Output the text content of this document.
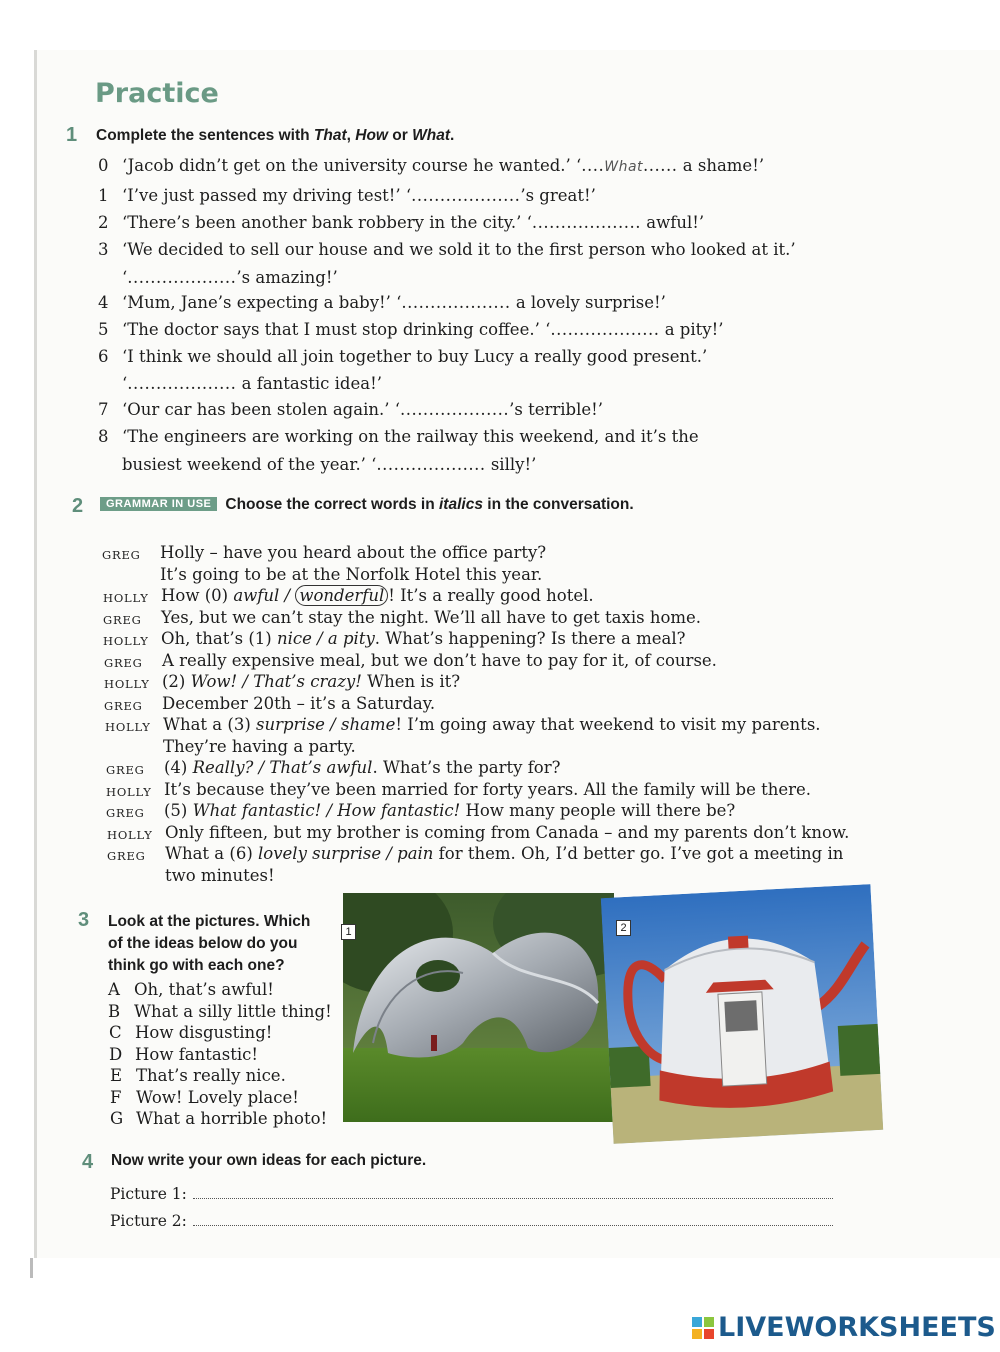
Practice
1 Complete the sentences with That, How or What.
0 ‘Jacob didn’t get on the university course he wanted.’ ‘....What...... a shame!’
1 ‘I’ve just passed my driving test!’ ‘...................’s great!’
2 ‘There’s been another bank robbery in the city.’ ‘................... awful!’
3 ‘We decided to sell our house and we sold it to the first person who looked at it.’
‘...................’s amazing!’
4 ‘Mum, Jane’s expecting a baby!’ ‘................... a lovely surprise!’
5 ‘The doctor says that I must stop drinking coffee.’ ‘................... a pity!’
6 ‘I think we should all join together to buy Lucy a really good present.’
‘................... a fantastic idea!’
7 ‘Our car has been stolen again.’ ‘...................’s terrible!’
8 ‘The engineers are working on the railway this weekend, and it’s the
busiest weekend of the year.’ ‘................... silly!’
2	GRAMMAR IN USE Choose the correct words in italics in the conversation.
GREG Holly – have you heard about the office party?
It’s going to be at the Norfolk Hotel this year.
HOLLY How (0) awful / wonderful ! It’s a really good hotel.
GREG Yes, but we can’t stay the night. We’ll all have to get taxis home.
HOLLY Oh, that’s (1) nice / a pity. What’s happening? Is there a meal?
GREG A really expensive meal, but we don’t have to pay for it, of course.
HOLLY (2) Wow! / That’s crazy! When is it?
GREG December 20th – it’s a Saturday.
HOLLY What a (3) surprise / shame! I’m going away that weekend to visit my parents.
They’re having a party.
GREG (4) Really? / That’s awful. What’s the party for?
HOLLY It’s because they’ve been married for forty years. All the family will be there.
GREG (5) What fantastic! / How fantastic! How many people will there be?
HOLLY Only fifteen, but my brother is coming from Canada – and my parents don’t know.
GREG What a (6) lovely surprise / pain for them. Oh, I’d better go. I’ve got a meeting in
two minutes!
3 Look at the pictures. Which
of the ideas below do you
think go with each one?
A Oh, that’s awful!
B What a silly little thing!
C How disgusting!
D How fantastic!
E That’s really nice.
F Wow! Lovely place!
G What a horrible photo!
1	2
4 Now write your own ideas for each picture.
Picture 1:
Picture 2:
LIVEWORKSHEETS
